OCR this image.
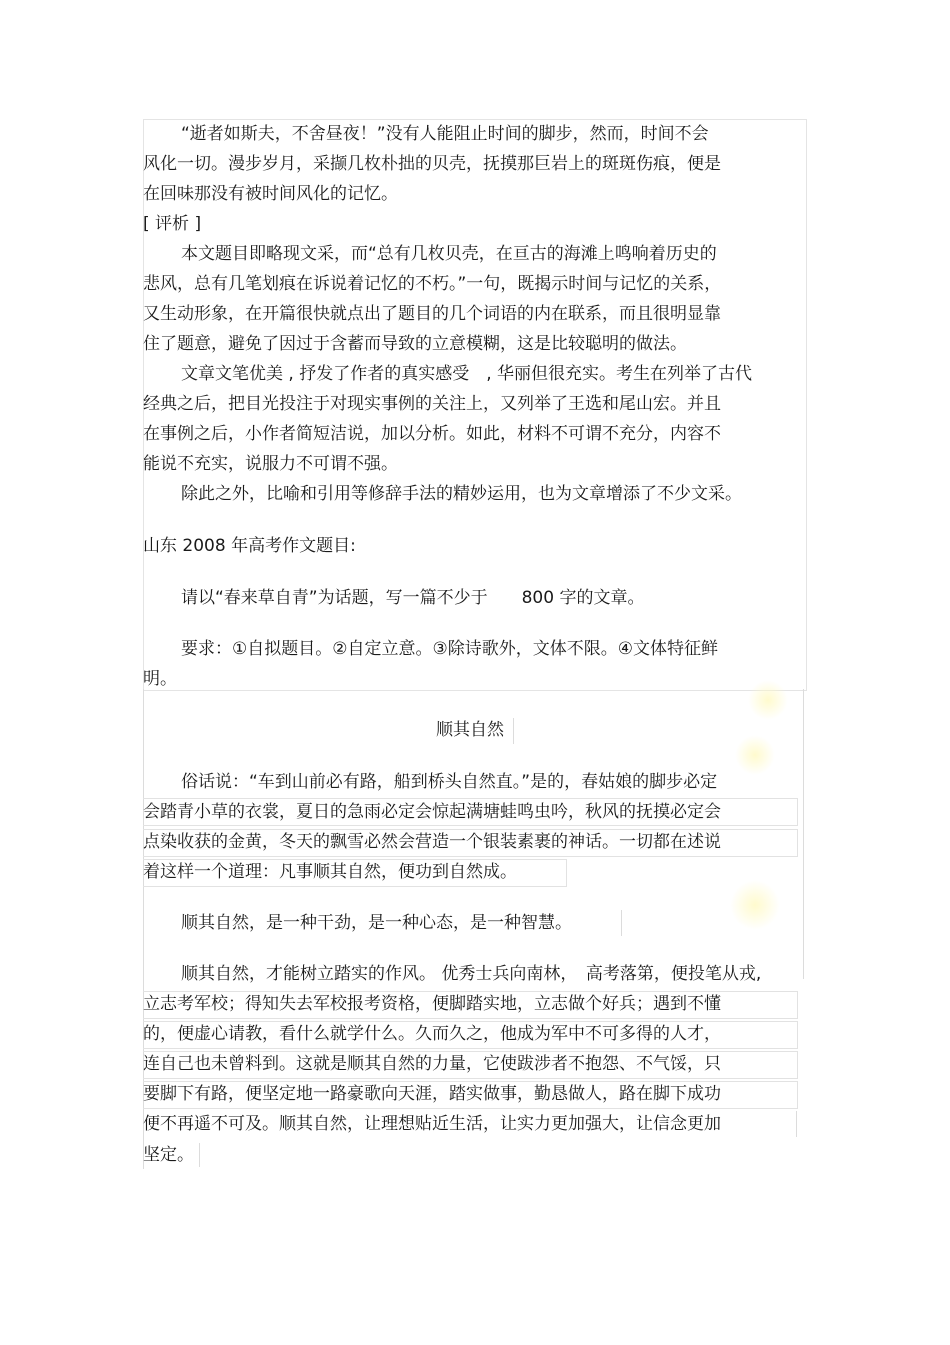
“逝者如斯夫，不舍昼夜！”没有人能阻止时间的脚步，然而，时间不会
风化一切。漫步岁月，采撷几枚朴拙的贝壳，抚摸那巨岩上的斑斑伤痕，便是
在回味那没有被时间风化的记忆。
[ 评析 ]
本文题目即略现文采，而“总有几枚贝壳，在亘古的海滩上鸣响着历史的
悲风，总有几笔划痕在诉说着记忆的不朽。”一句，既揭示时间与记忆的关系，
又生动形象，在开篇很快就点出了题目的几个词语的内在联系，而且很明显靠
住了题意，避免了因过于含蓄而导致的立意模糊，这是比较聪明的做法。
文章文笔优美 , 抒发了作者的真实感受　, 华丽但很充实。考生在列举了古代
经典之后，把目光投注于对现实事例的关注上，又列举了王选和尾山宏。并且
在事例之后，小作者简短洁说，加以分析。如此，材料不可谓不充分，内容不
能说不充实，说服力不可谓不强。
除此之外，比喻和引用等修辞手法的精妙运用，也为文章增添了不少文采。
山东 2008 年高考作文题目:
请以“春来草自青”为话题，写一篇不少于　　800 字的文章。
要求：①自拟题目。②自定立意。③除诗歌外，文体不限。④文体特征鲜
明。
顺其自然
俗话说：“车到山前必有路，船到桥头自然直。”是的，春姑娘的脚步必定
会踏青小草的衣裳，夏日的急雨必定会惊起满塘蛙鸣虫吟，秋风的抚摸必定会
点染收获的金黄，冬天的飘雪必然会营造一个银装素裹的神话。一切都在述说
着这样一个道理：凡事顺其自然，便功到自然成。
顺其自然，是一种干劲，是一种心态，是一种智慧。
顺其自然，才能树立踏实的作风。 优秀士兵向南林，　高考落第，便投笔从戎,
立志考军校；得知失去军校报考资格，便脚踏实地，立志做个好兵；遇到不懂
的，便虚心请教，看什么就学什么。久而久之，他成为军中不可多得的人才，
连自己也未曾料到。这就是顺其自然的力量，它使跋涉者不抱怨、不气馁，只
要脚下有路，便坚定地一路豪歌向天涯，踏实做事，勤恳做人，路在脚下成功
便不再遥不可及。顺其自然，让理想贴近生活，让实力更加强大，让信念更加
坚定。
